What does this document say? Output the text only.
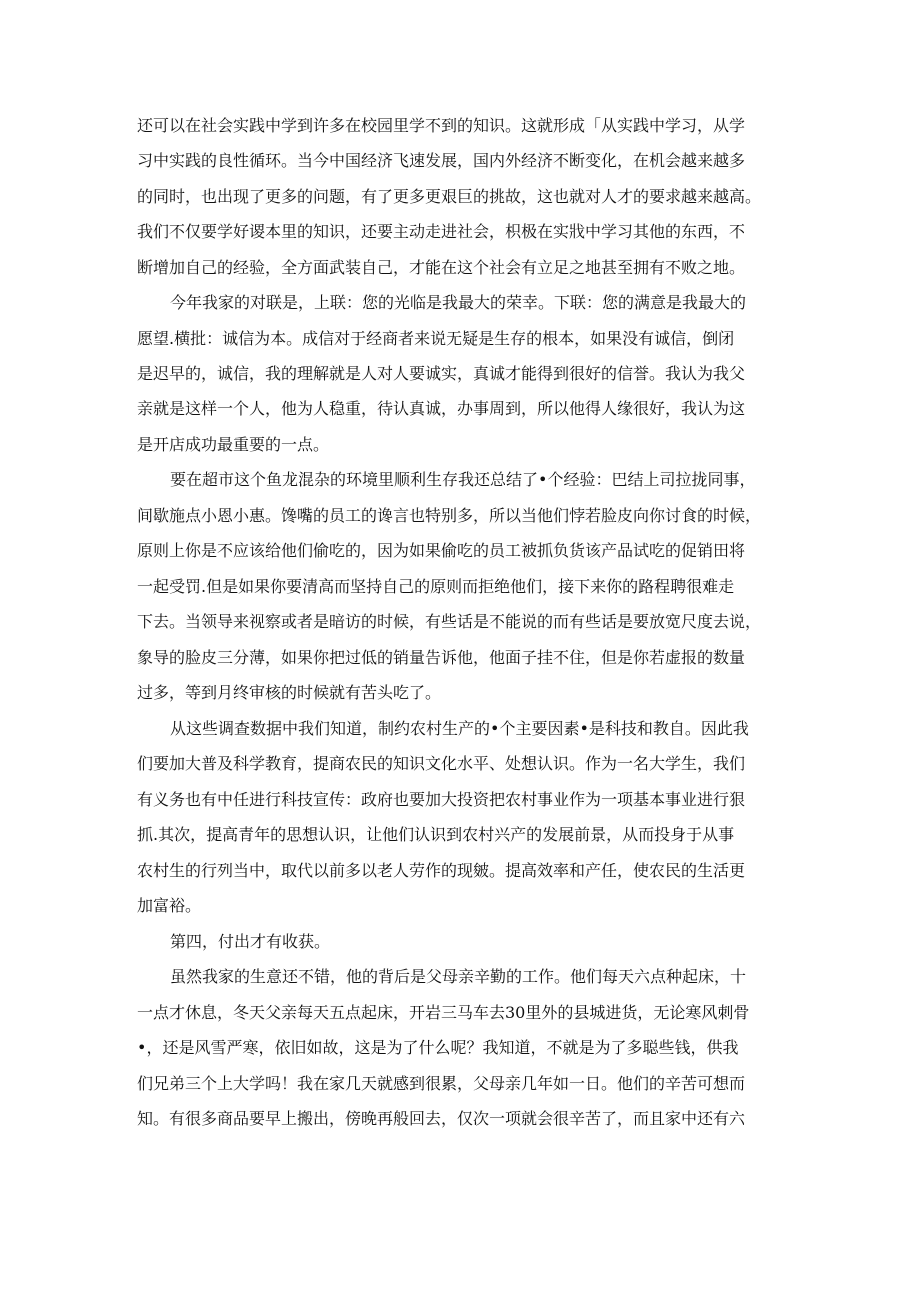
还可以在社会实践中学到许多在校园里学不到的知识。这就形成「从实践中学习，从学
习中实践的良性循环。当今中国经济飞速发展，国内外经济不断变化，在机会越来越多
的同时，也出现了更多的问题，有了更多更艰巨的挑故，这也就对人才的要求越来越高。
我们不仅要学好谡本里的知识，还要主动走进社会，枳极在实戕中学习其他的东西，不
断增加自己的经验，全方面武装自己，才能在这个社会有立足之地甚至拥有不败之地。
今年我家的对联是，上联：您的光临是我最大的荣幸。下联：您的满意是我最大的
愿望.横批：诚信为本。成信对于经商者来说无疑是生存的根本，如果没有诚信，倒闭
是迟早的，诚信，我的理解就是人对人要诚实，真诚才能得到很好的信誉。我认为我父
亲就是这样一个人，他为人稳重，待认真诚，办事周到，所以他得人缘很好，我认为这
是开店成功最重要的一点。
要在超市这个鱼龙混杂的环境里顺利生存我还总结了•个经验：巴结上司拉拢同事，
间歇施点小恩小惠。馋嘴的员工的谗言也特别多，所以当他们悖若脸皮向你讨食的时候，
原则上你是不应该给他们偷吃的，因为如果偷吃的员工被抓负货该产品试吃的促销田将
一起受罚.但是如果你要清高而坚持自己的原则而拒绝他们，接下来你的路程聘很难走
下去。当领导来视察或者是暗访的时候，有些话是不能说的而有些话是要放宽尺度去说，
象导的脸皮三分薄，如果你把过低的销量告诉他，他面子挂不住，但是你若虚报的数量
过多，等到月终审核的时候就有苦头吃了。
从这些调查数据中我们知道，制约农村生产的•个主要因素•是科技和教自。因此我
们要加大普及科学教育，提商农民的知识文化水平、处想认识。作为一名大学生，我们
有义务也有中任进行科技宣传：政府也要加大投资把农村事业作为一项基本事业进行狠
抓.其次，提高青年的思想认识，让他们认识到农村兴产的发展前景，从而投身于从事
农村生的行列当中，取代以前多以老人劳作的现皴。提高效率和产任，使农民的生活更
加富裕。
第四，付出才有收获。
虽然我家的生意还不错，他的背后是父母亲辛勤的工作。他们每天六点种起床，十
一点才休息，冬天父亲每天五点起床，开岩三马车去30里外的县城进货，无论寒风刺骨
•，还是风雪严寒，依旧如故，这是为了什么呢？我知道，不就是为了多聪些钱，供我
们兄弟三个上大学吗！我在家几天就感到很累，父母亲几年如一日。他们的辛苦可想而
知。有很多商品要早上搬出，傍晚再般回去，仅次一项就会很辛苦了，而且家中还有六
